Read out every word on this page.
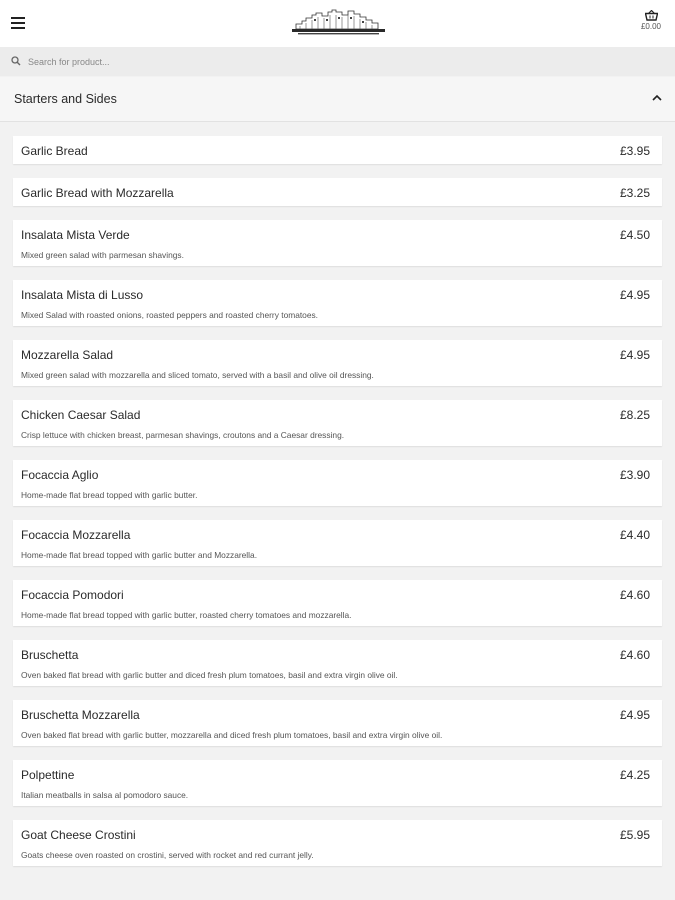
£0.00
Search for product...
Starters and Sides
Garlic Bread	£3.95
Garlic Bread with Mozzarella	£3.25
Insalata Mista Verde	£4.50
Mixed green salad with parmesan shavings.
Insalata Mista di Lusso	£4.95
Mixed Salad with roasted onions, roasted peppers and roasted cherry tomatoes.
Mozzarella Salad	£4.95
Mixed green salad with mozzarella and sliced tomato, served with a basil and olive oil dressing.
Chicken Caesar Salad	£8.25
Crisp lettuce with chicken breast, parmesan shavings, croutons and a Caesar dressing.
Focaccia Aglio	£3.90
Home-made flat bread topped with garlic butter.
Focaccia Mozzarella	£4.40
Home-made flat bread topped with garlic butter and Mozzarella.
Focaccia Pomodori	£4.60
Home-made flat bread topped with garlic butter, roasted cherry tomatoes and mozzarella.
Bruschetta	£4.60
Oven baked flat bread with garlic butter and diced fresh plum tomatoes, basil and extra virgin olive oil.
Bruschetta Mozzarella	£4.95
Oven baked flat bread with garlic butter, mozzarella and diced fresh plum tomatoes, basil and extra virgin olive oil.
Polpettine	£4.25
Italian meatballs in salsa al pomodoro sauce.
Goat Cheese Crostini	£5.95
Goats cheese oven roasted on crostini, served with rocket and red currant jelly.
